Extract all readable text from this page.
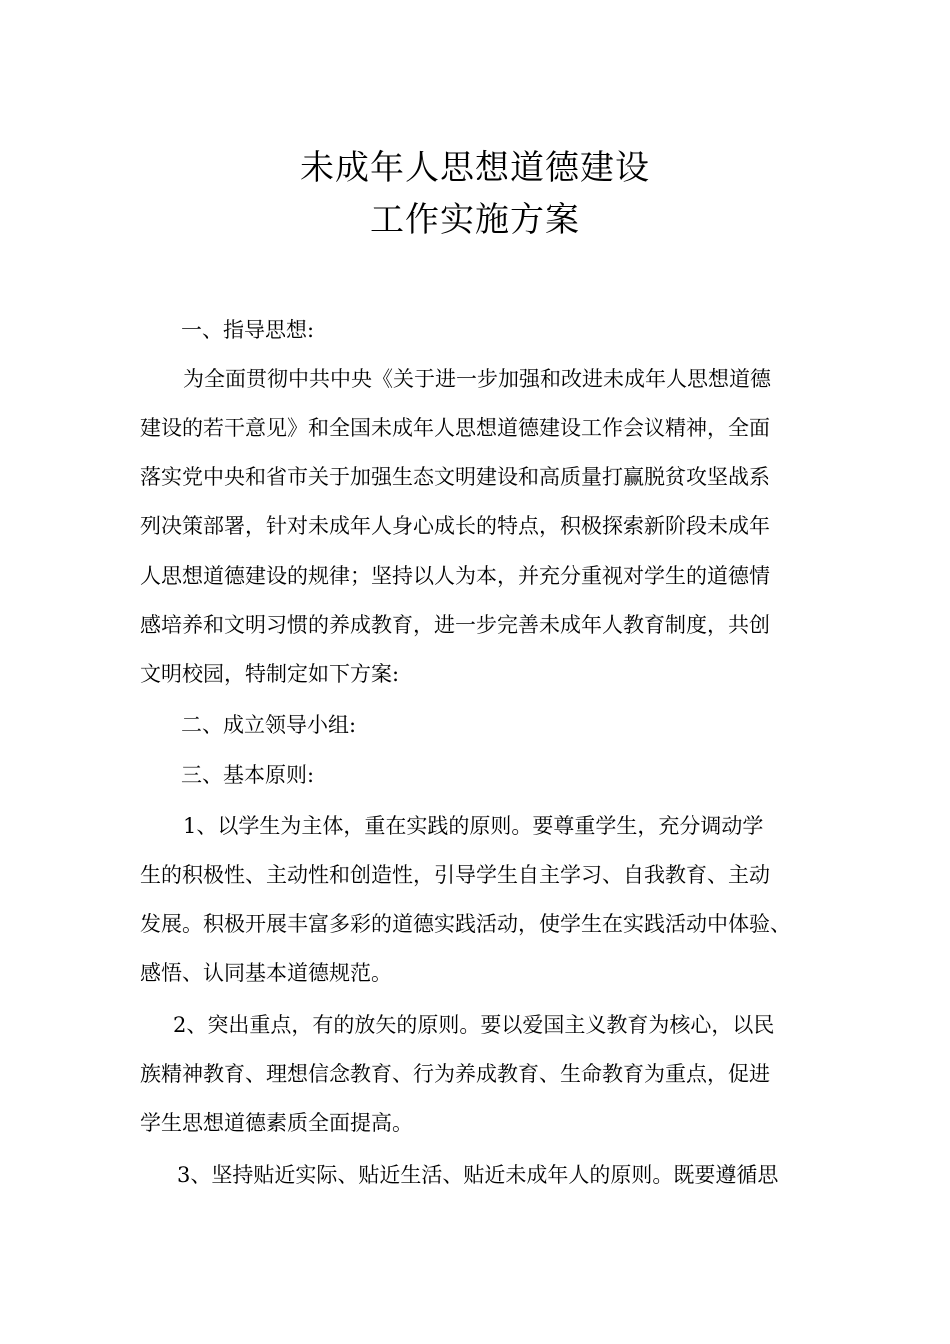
未成年人思想道德建设
工作实施方案
一、指导思想:
为全面贯彻中共中央《关于进一步加强和改进未成年人思想道德
建设的若干意见》和全国未成年人思想道德建设工作会议精神，全面
落实党中央和省市关于加强生态文明建设和高质量打赢脱贫攻坚战系
列决策部署，针对未成年人身心成长的特点，积极探索新阶段未成年
人思想道德建设的规律；坚持以人为本，并充分重视对学生的道德情
感培养和文明习惯的养成教育，进一步完善未成年人教育制度，共创
文明校园，特制定如下方案:
二、成立领导小组:
三、基本原则:
1、以学生为主体，重在实践的原则。要尊重学生，充分调动学
生的积极性、主动性和创造性，引导学生自主学习、自我教育、主动
发展。积极开展丰富多彩的道德实践活动，使学生在实践活动中体验、
感悟、认同基本道德规范。
2、突出重点，有的放矢的原则。要以爱国主义教育为核心，以民
族精神教育、理想信念教育、行为养成教育、生命教育为重点，促进
学生思想道德素质全面提高。
3、坚持贴近实际、贴近生活、贴近未成年人的原则。既要遵循思
